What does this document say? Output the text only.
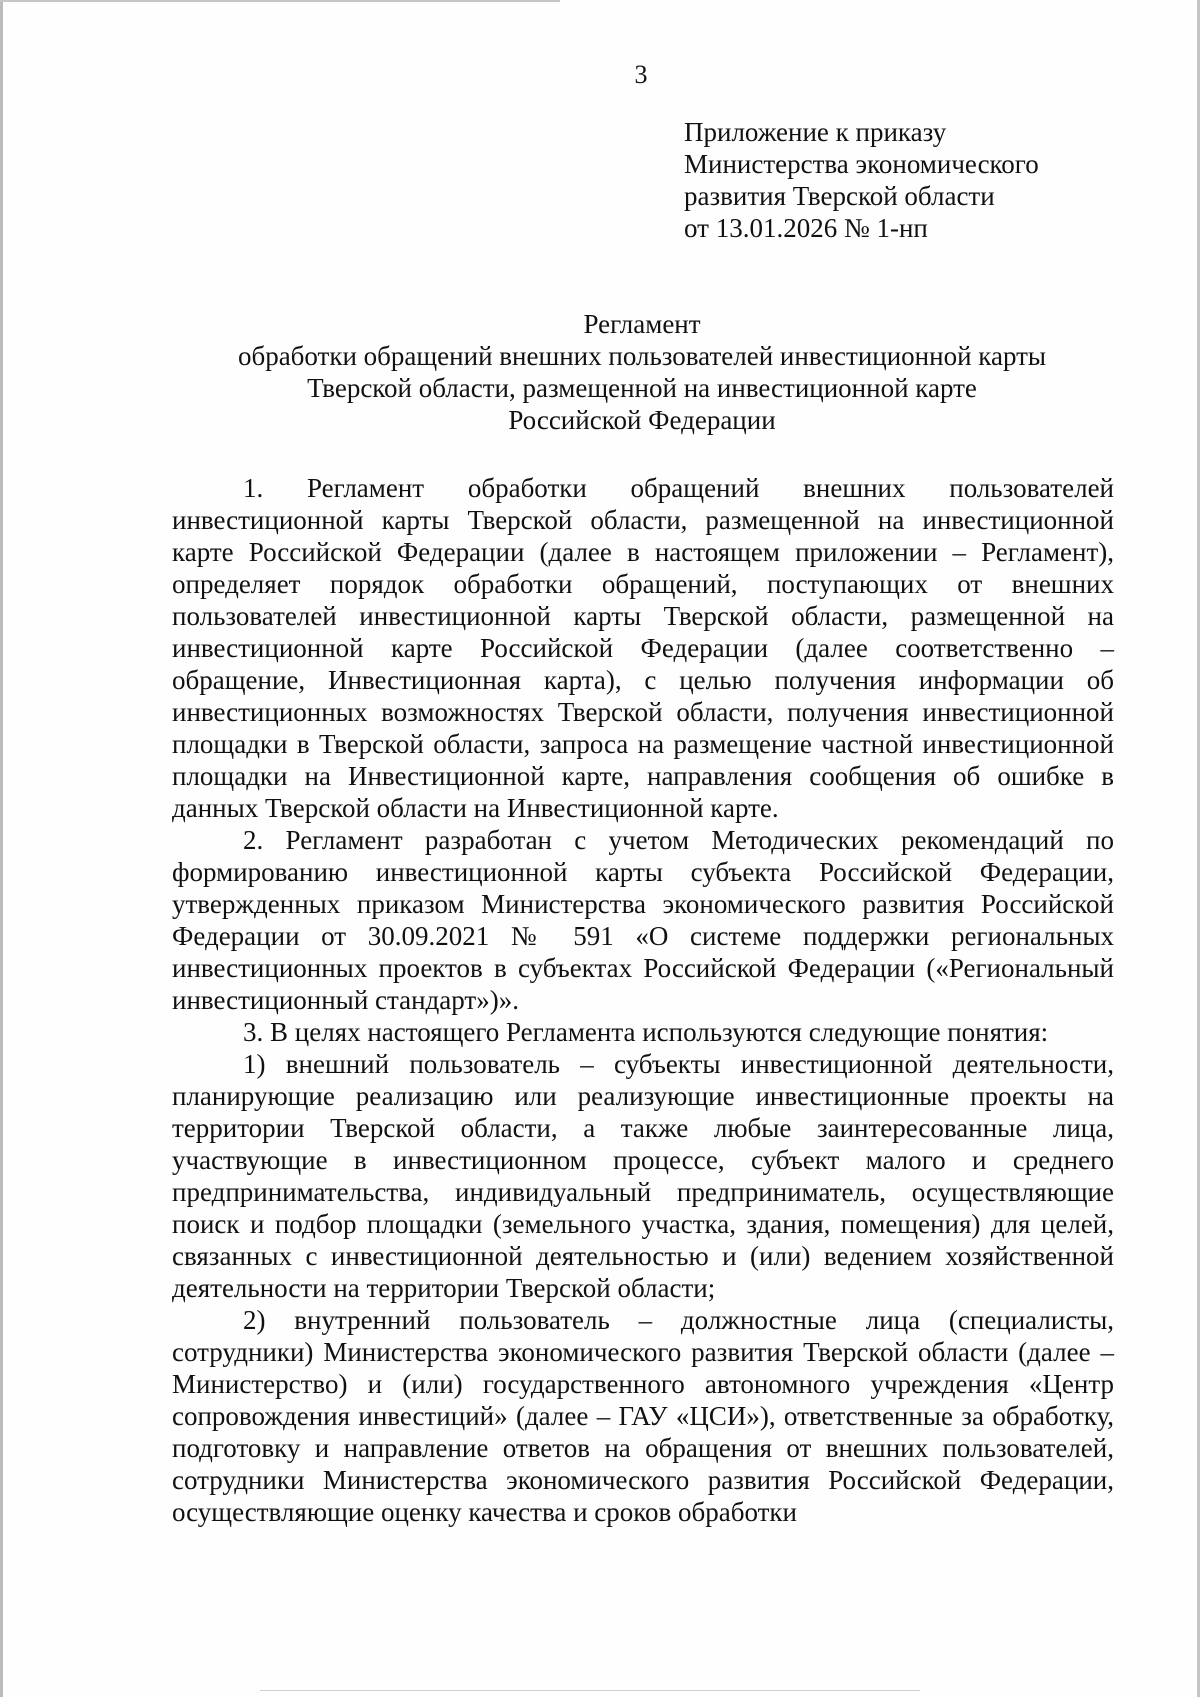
3
Приложение к приказу
Министерства экономического
развития Тверской области
от 13.01.2026 № 1-нп
Регламент
обработки обращений внешних пользователей инвестиционной карты
Тверской области, размещенной на инвестиционной карте
Российской Федерации

1. Регламент обработки обращений внешних пользователей инвестиционной карты Тверской области, размещенной на инвестиционной карте Российской Федерации (далее в настоящем приложении – Регламент), определяет порядок обработки обращений, поступающих от внешних пользователей инвестиционной карты Тверской области, размещенной на инвестиционной карте Российской Федерации (далее соответственно – обращение, Инвестиционная карта), с целью получения информации об инвестиционных возможностях Тверской области, получения инвестиционной площадки в Тверской области, запроса на размещение частной инвестиционной площадки на Инвестиционной карте, направления сообщения об ошибке в данных Тверской области на Инвестиционной карте.

2. Регламент разработан с учетом Методических рекомендаций по формированию инвестиционной карты субъекта Российской Федерации, утвержденных приказом Министерства экономического развития Российской Федерации от 30.09.2021 № 591 «О системе поддержки региональных инвестиционных проектов в субъектах Российской Федерации («Региональный инвестиционный стандарт»)».

3. В целях настоящего Регламента используются следующие понятия:

1) внешний пользователь – субъекты инвестиционной деятельности, планирующие реализацию или реализующие инвестиционные проекты на территории Тверской области, а также любые заинтересованные лица, участвующие в инвестиционном процессе, субъект малого и среднего предпринимательства, индивидуальный предприниматель, осуществляющие поиск и подбор площадки (земельного участка, здания, помещения) для целей, связанных с инвестиционной деятельностью и (или) ведением хозяйственной деятельности на территории Тверской области;

2) внутренний пользователь – должностные лица (специалисты, сотрудники) Министерства экономического развития Тверской области (далее – Министерство) и (или) государственного автономного учреждения «Центр сопровождения инвестиций» (далее – ГАУ «ЦСИ»), ответственные за обработку, подготовку и направление ответов на обращения от внешних пользователей, сотрудники Министерства экономического развития Российской Федерации, осуществляющие оценку качества и сроков обработки
